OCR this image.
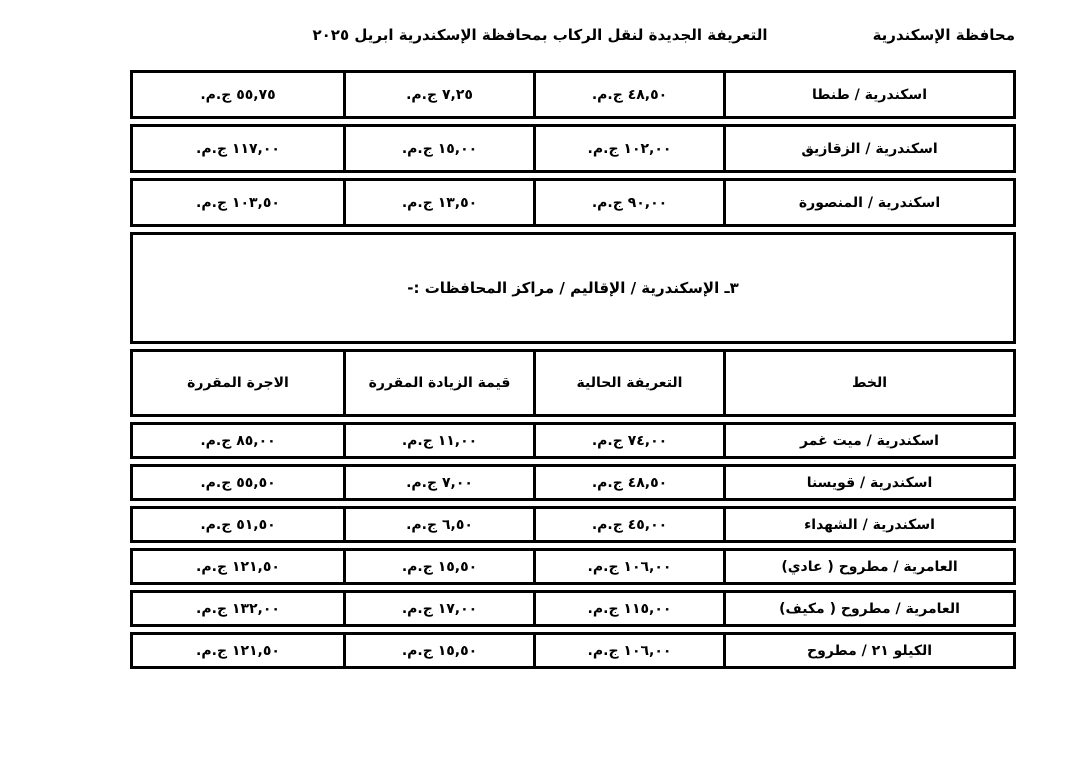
التعريفة الجديدة لنقل الركاب بمحافظة الإسكندرية ابريل ٢٠٢٥	محافظة الإسكندرية
اسكندرية / طنطا
٤٨,٥٠ ج.م.
٧,٢٥ ج.م.
٥٥,٧٥ ج.م.
اسكندرية / الزقازيق
١٠٢,٠٠ ج.م.
١٥,٠٠ ج.م.
١١٧,٠٠ ج.م.
اسكندرية / المنصورة
٩٠,٠٠ ج.م.
١٣,٥٠ ج.م.
١٠٣,٥٠ ج.م.
٣ـ الإسكندرية / الإقاليم / مراكز المحافظات :-
الخط
التعريفة الحالية
قيمة الزيادة المقررة
الاجرة المقررة
اسكندرية / ميت غمر
٧٤,٠٠ ج.م.
١١,٠٠ ج.م.
٨٥,٠٠ ج.م.
اسكندرية / قويسنا
٤٨,٥٠ ج.م.
٧,٠٠ ج.م.
٥٥,٥٠ ج.م.
اسكندرية / الشهداء
٤٥,٠٠ ج.م.
٦,٥٠ ج.م.
٥١,٥٠ ج.م.
العامرية / مطروح ( عادي)
١٠٦,٠٠ ج.م.
١٥,٥٠ ج.م.
١٢١,٥٠ ج.م.
العامرية / مطروح ( مكيف)
١١٥,٠٠ ج.م.
١٧,٠٠ ج.م.
١٣٢,٠٠ ج.م.
الكيلو ٢١ / مطروح
١٠٦,٠٠ ج.م.
١٥,٥٠ ج.م.
١٢١,٥٠ ج.م.
